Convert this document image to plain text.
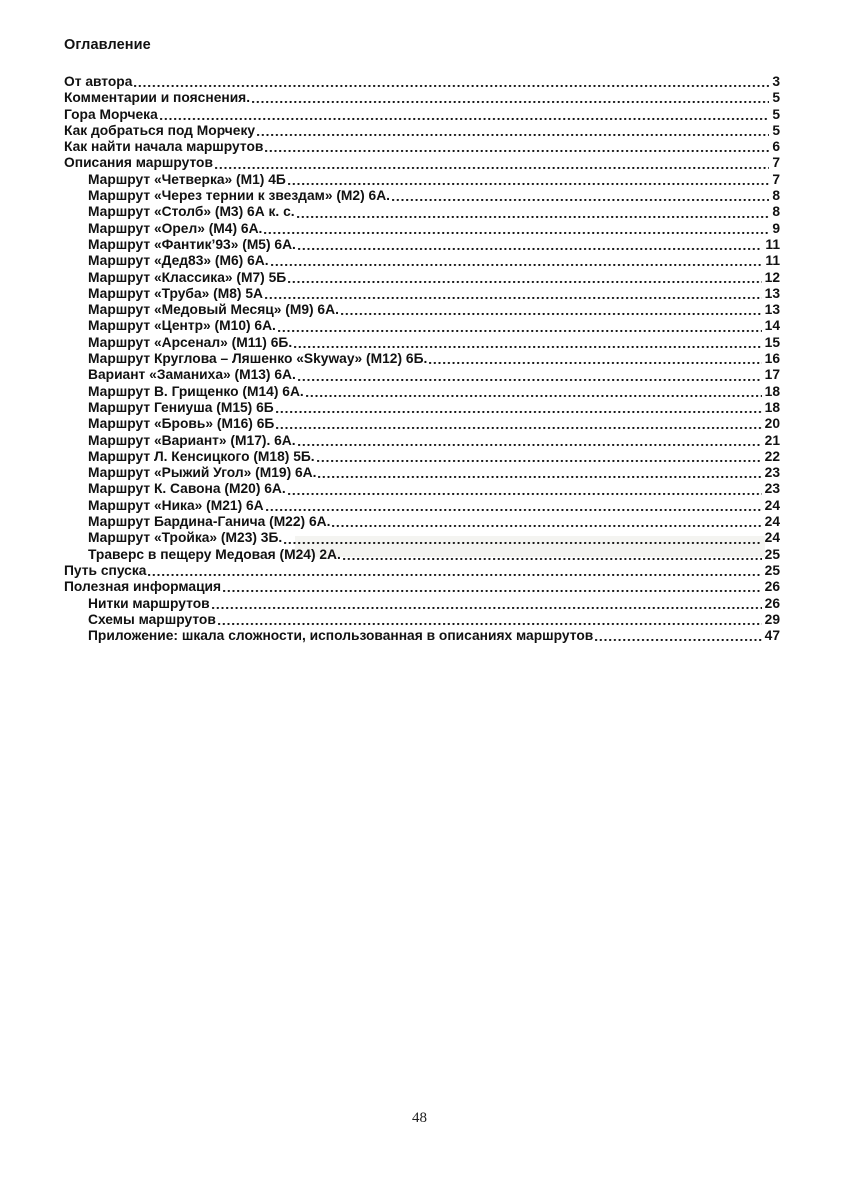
Оглавление
От автора	3
Комментарии и пояснения.	5
Гора Морчека	5
Как добраться под Морчеку	5
Как найти начала маршрутов	6
Описания маршрутов	7
Маршрут «Четверка» (М1) 4Б	7
Маршрут «Через тернии к звездам» (М2) 6А.	8
Маршрут «Столб» (М3) 6А к. с.	8
Маршрут «Орел» (М4) 6А.	9
Маршрут «Фантик’93» (М5) 6А.	11
Маршрут «Дед83» (М6) 6А.	11
Маршрут «Классика» (М7) 5Б	12
Маршрут «Труба» (М8) 5А	13
Маршрут «Медовый Месяц» (М9) 6А.	13
Маршрут «Центр» (М10) 6А.	14
Маршрут «Арсенал» (М11) 6Б.	15
Маршрут Круглова – Ляшенко «Skyway» (М12) 6Б.	16
Вариант «Заманиха» (М13) 6А.	17
Маршрут В. Грищенко (М14) 6А.	18
Маршрут Гениуша (М15) 6Б	18
Маршрут «Бровь» (М16) 6Б	20
Маршрут «Вариант» (М17). 6А.	21
Маршрут Л. Кенсицкого (М18) 5Б.	22
Маршрут «Рыжий Угол» (М19) 6А.	23
Маршрут К. Савона (М20) 6А.	23
Маршрут «Ника» (М21) 6А	24
Маршрут Бардина-Ганича (М22) 6А.	24
Маршрут «Тройка» (М23) 3Б.	24
Траверс в пещеру Медовая (М24) 2А.	25
Путь спуска	25
Полезная информация	26
Нитки маршрутов	26
Схемы маршрутов	29
Приложение: шкала сложности, использованная в описаниях маршрутов	47
48
